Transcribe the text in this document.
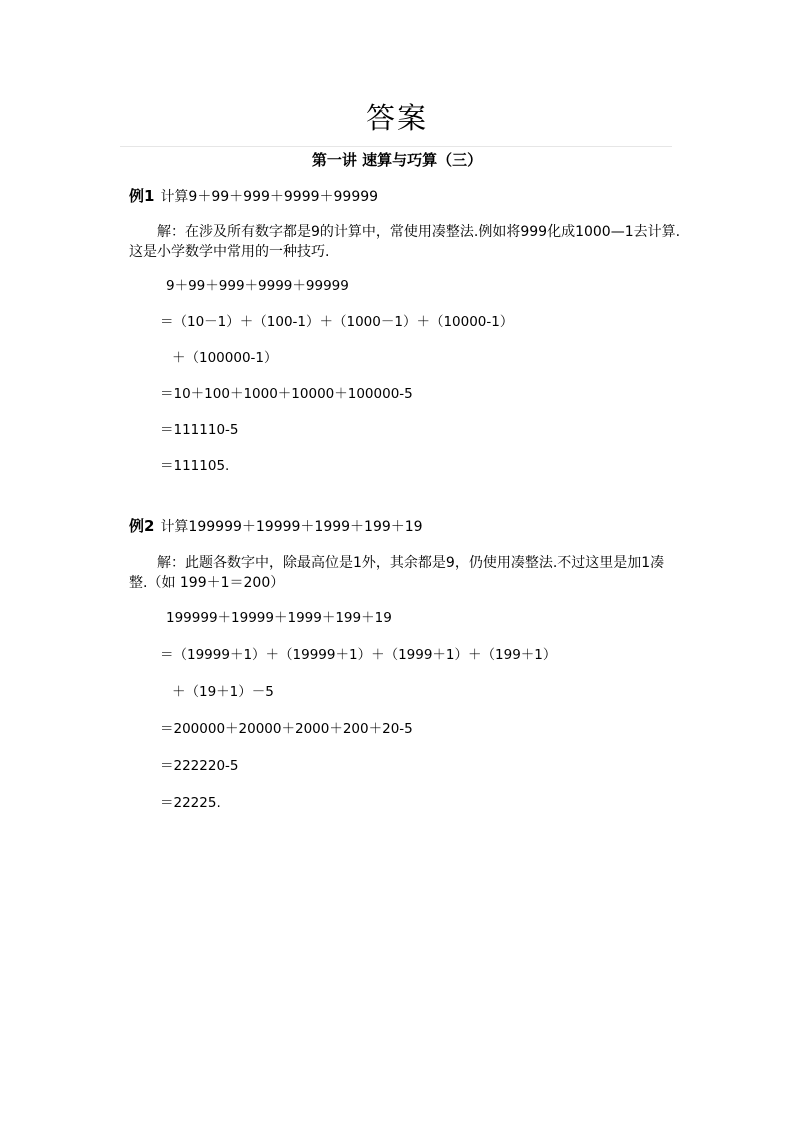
答案
第一讲 速算与巧算（三）
例1 计算9＋99＋999＋9999＋99999
解：在涉及所有数字都是9的计算中，常使用凑整法.例如将999化成1000—1去计算.这是小学数学中常用的一种技巧.
9＋99＋999＋9999＋99999
＝（10－1）＋（100-1）＋（1000－1）＋（10000-1）
＋（100000-1）
＝10＋100＋1000＋10000＋100000-5
＝111110-5
＝111105.
例2 计算199999＋19999＋1999＋199＋19
解：此题各数字中，除最高位是1外，其余都是9，仍使用凑整法.不过这里是加1凑整.（如 199＋1＝200）
199999＋19999＋1999＋199＋19
＝（19999＋1）＋（19999＋1）＋（1999＋1）＋（199＋1）
＋（19＋1）－5
＝200000＋20000＋2000＋200＋20-5
＝222220-5
＝22225.
